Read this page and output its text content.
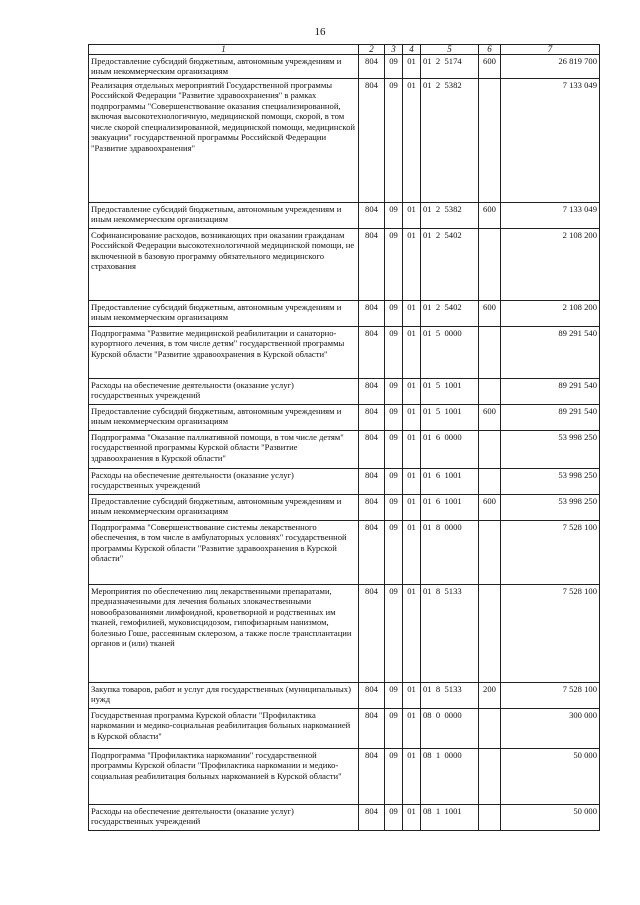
16
1	2	3	4	5	6	7
Предоставление субсидий бюджетным, автономным учреждениям и иным некоммерческим организациям	804	09	01	01  2  5174	600	26 819 700
Реализация отдельных мероприятий Государственной программы Российской Федерации "Развитие здравоохранения" в рамках подпрограммы "Совершенствование оказания специализированной, включая высокотехнологичную, медицинской помощи, скорой, в том числе скорой специализированной, медицинской помощи, медицинской эвакуации" государственной программы Российской Федерации "Развитие здравоохранения"	804	09	01	01  2  5382		7 133 049
Предоставление субсидий бюджетным, автономным учреждениям и иным некоммерческим организациям	804	09	01	01  2  5382	600	7 133 049
Софинансирование расходов, возникающих при оказании гражданам Российской Федерации высокотехнологичной медицинской помощи, не включенной в базовую программу обязательного медицинского страхования	804	09	01	01  2  5402		2 108 200
Предоставление субсидий бюджетным, автономным учреждениям и иным некоммерческим организациям	804	09	01	01  2  5402	600	2 108 200
Подпрограмма "Развитие медицинской реабилитации и санаторно-курортного лечения, в том числе детям" государственной программы Курской области "Развитие здравоохранения в Курской области"	804	09	01	01  5  0000		89 291 540
Расходы на обеспечение деятельности (оказание услуг) государственных учреждений	804	09	01	01  5  1001		89 291 540
Предоставление субсидий бюджетным, автономным учреждениям и иным некоммерческим организациям	804	09	01	01  5  1001	600	89 291 540
Подпрограмма "Оказание паллиативной помощи, в том числе детям" государственной программы Курской области "Развитие здравоохранения в Курской области"	804	09	01	01  6  0000		53 998 250
Расходы на обеспечение деятельности (оказание услуг) государственных учреждений	804	09	01	01  6  1001		53 998 250
Предоставление субсидий бюджетным, автономным учреждениям и иным некоммерческим организациям	804	09	01	01  6  1001	600	53 998 250
Подпрограмма "Совершенствование системы лекарственного обеспечения, в том числе в амбулаторных условиях" государственной программы Курской области "Развитие здравоохранения в Курской области"	804	09	01	01  8  0000		7 528 100
Мероприятия по обеспечению лиц лекарственными препаратами, предназначенными для лечения больных злокачественными новообразованиями лимфоидной, кроветворной и родственных им тканей, гемофилией, муковисцидозом, гипофизарным нанизмом, болезнью Гоше, рассеянным склерозом, а также после трансплантации органов и (или) тканей	804	09	01	01  8  5133		7 528 100
Закупка товаров, работ и услуг для государственных (муниципальных) нужд	804	09	01	01  8  5133	200	7 528 100
Государственная программа Курской области "Профилактика наркомании и медико-социальная реабилитация больных наркоманией в Курской области"	804	09	01	08  0  0000		300 000
Подпрограмма "Профилактика наркомании" государственной программы Курской области "Профилактика наркомании и медико-социальная реабилитация больных наркоманией в Курской области"	804	09	01	08  1  0000		50 000
Расходы на обеспечение деятельности (оказание услуг) государственных учреждений	804	09	01	08  1  1001		50 000
